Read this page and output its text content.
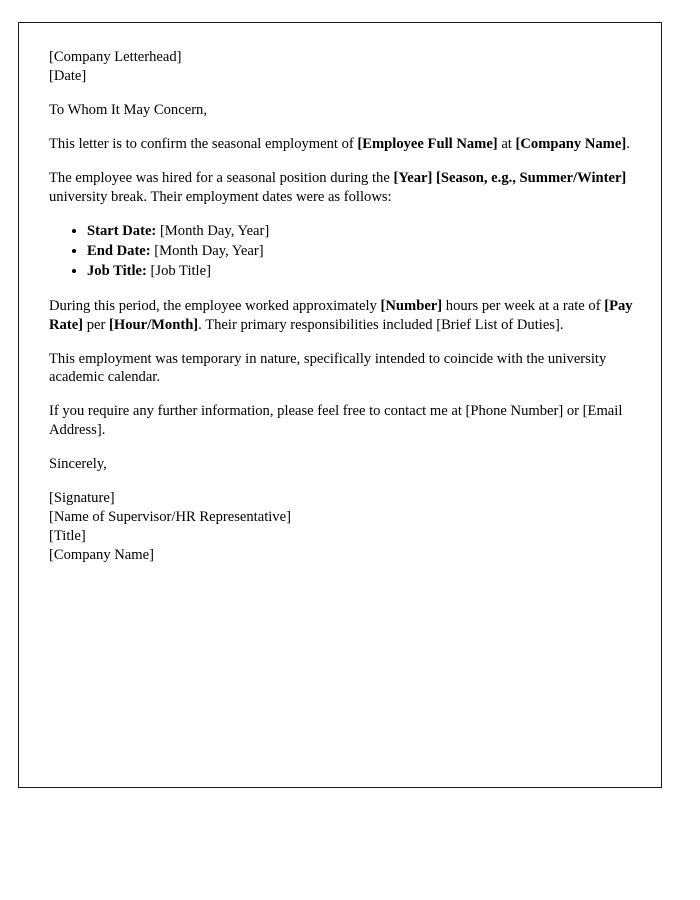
[Company Letterhead]
[Date]

To Whom It May Concern,

This letter is to confirm the seasonal employment of [Employee Full Name] at [Company Name].

The employee was hired for a seasonal position during the [Year] [Season, e.g., Summer/Winter] university break. Their employment dates were as follows:

• Start Date: [Month Day, Year]
• End Date: [Month Day, Year]
• Job Title: [Job Title]

During this period, the employee worked approximately [Number] hours per week at a rate of [Pay Rate] per [Hour/Month]. Their primary responsibilities included [Brief List of Duties].

This employment was temporary in nature, specifically intended to coincide with the university academic calendar.

If you require any further information, please feel free to contact me at [Phone Number] or [Email Address].

Sincerely,

[Signature]
[Name of Supervisor/HR Representative]
[Title]
[Company Name]
